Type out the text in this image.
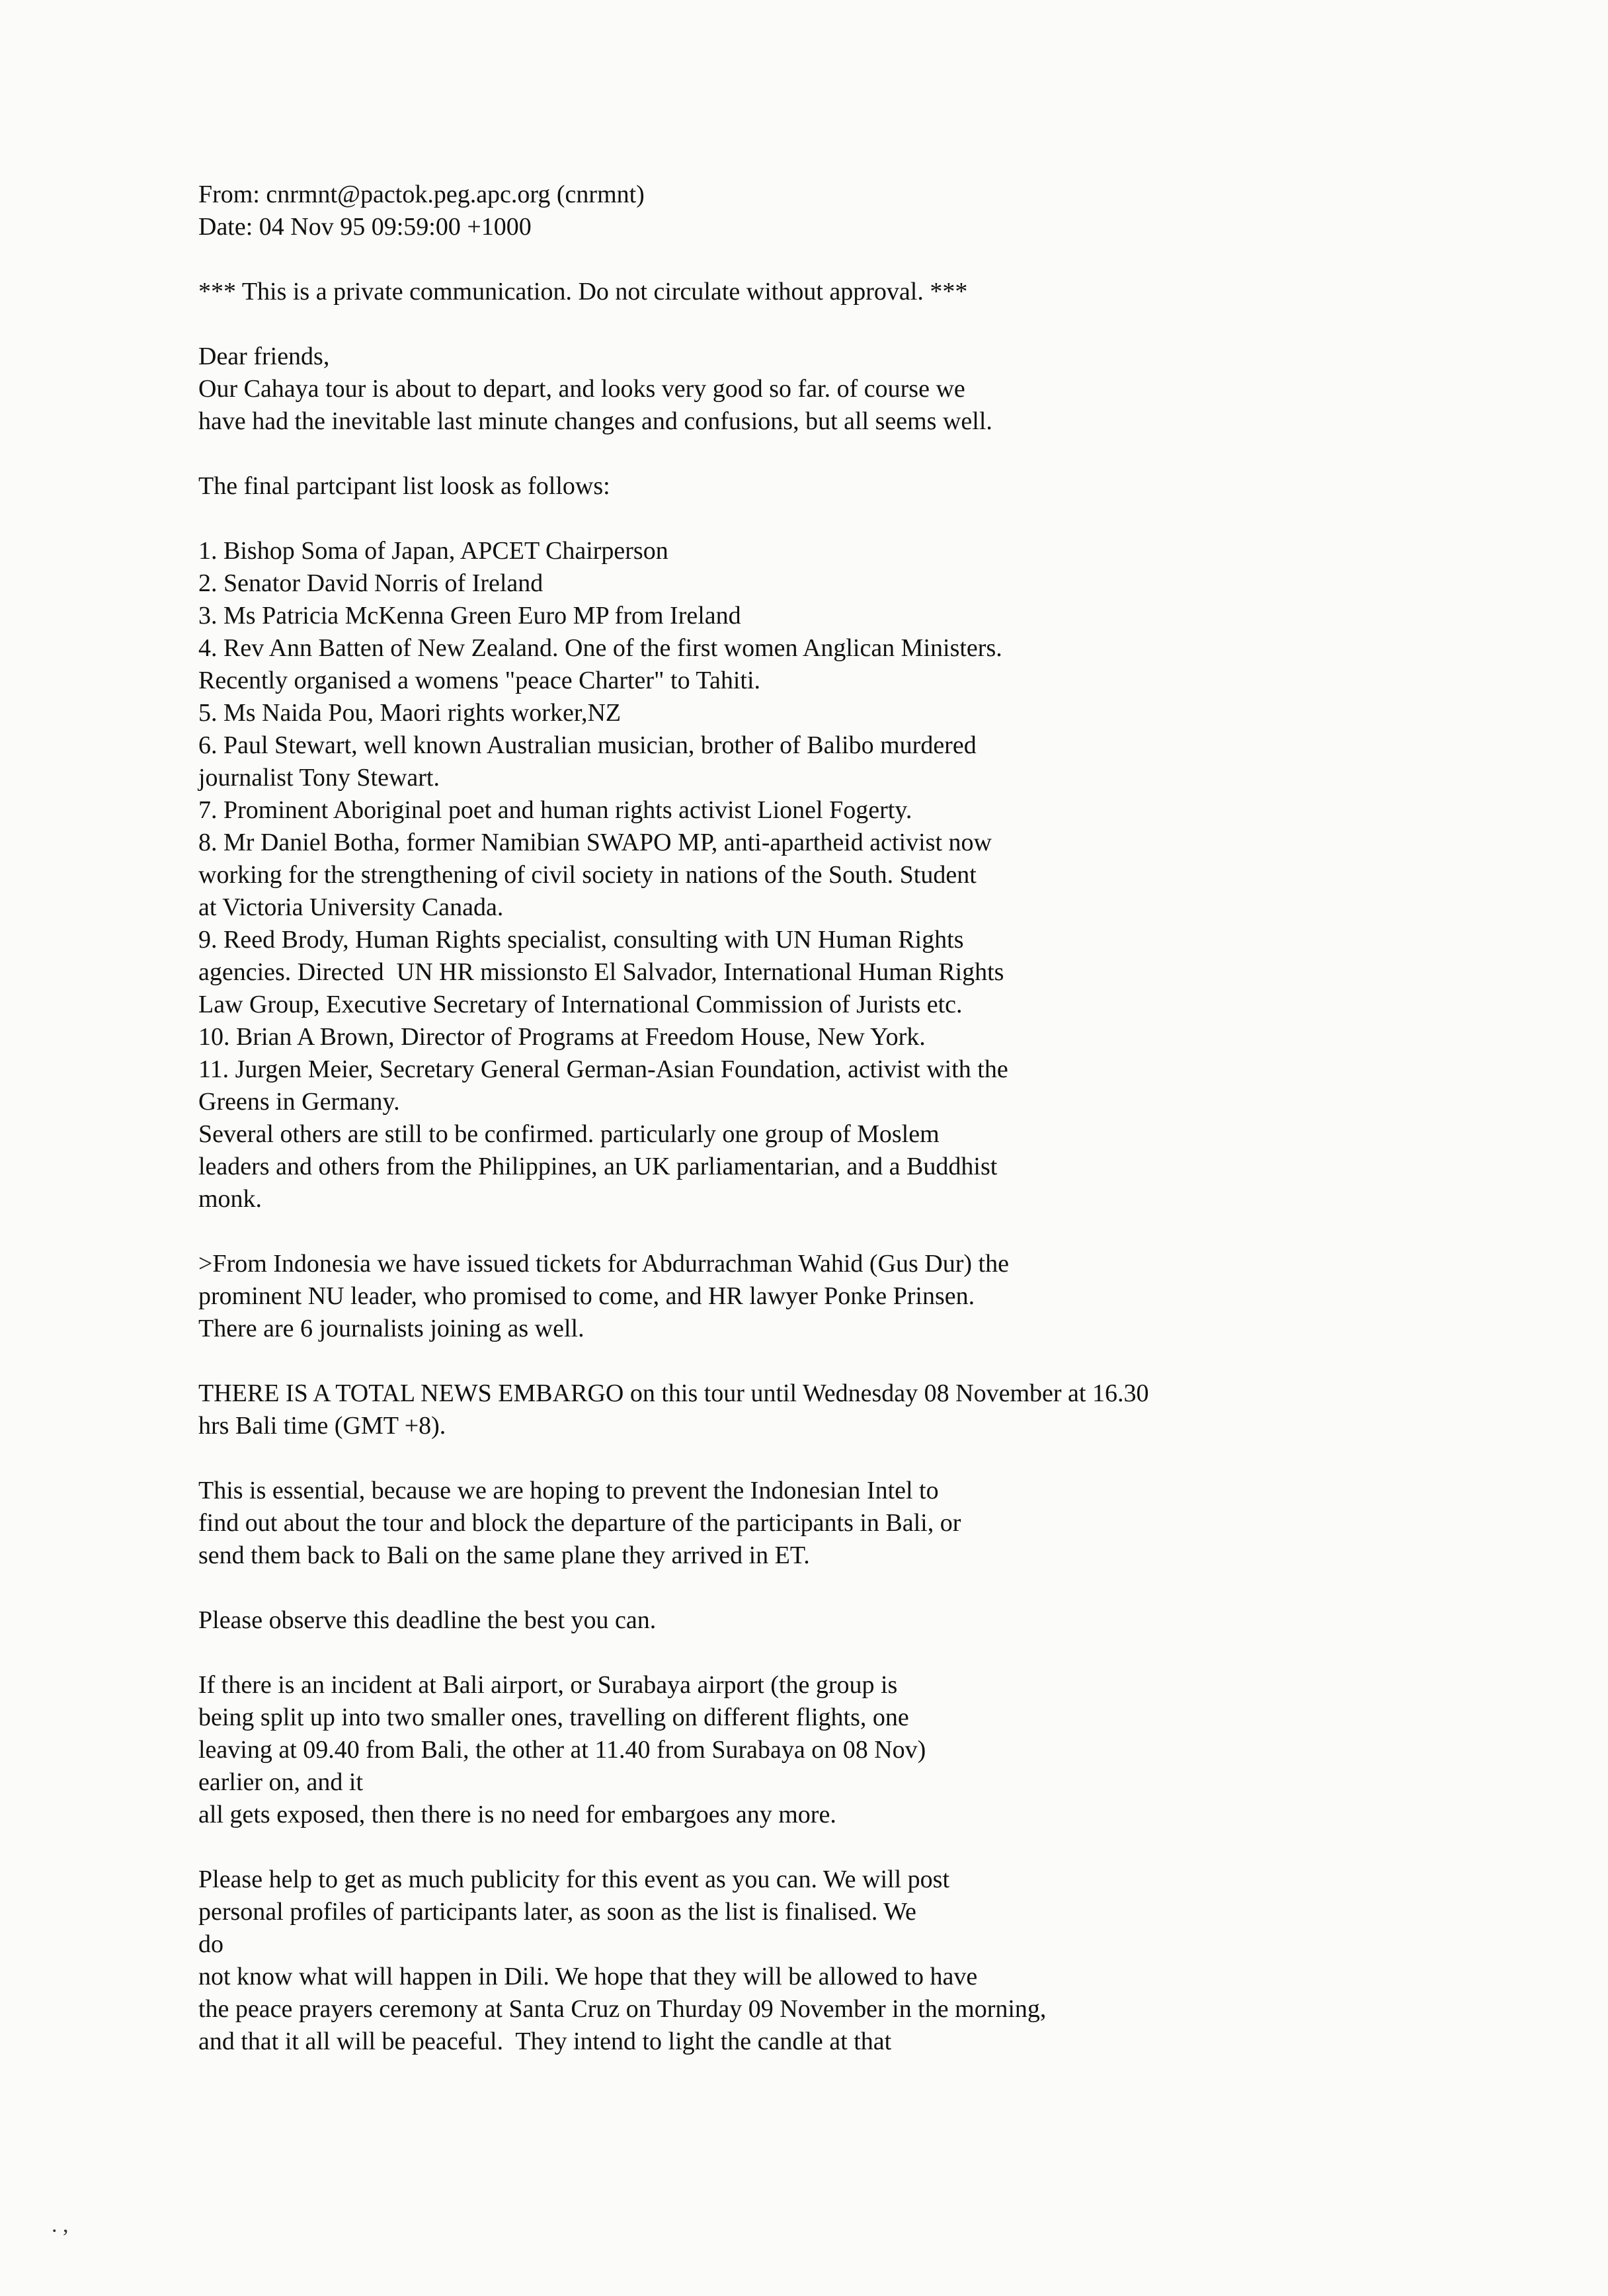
From: cnrmnt@pactok.peg.apc.org (cnrmnt)
Date: 04 Nov 95 09:59:00 +1000
*** This is a private communication. Do not circulate without approval. ***
Dear friends,
Our Cahaya tour is about to depart, and looks very good so far. of course we
have had the inevitable last minute changes and confusions, but all seems well.
The final partcipant list loosk as follows:
1. Bishop Soma of Japan, APCET Chairperson
2. Senator David Norris of Ireland
3. Ms Patricia McKenna Green Euro MP from Ireland
4. Rev Ann Batten of New Zealand. One of the first women Anglican Ministers.
Recently organised a womens "peace Charter" to Tahiti.
5. Ms Naida Pou, Maori rights worker,NZ
6. Paul Stewart, well known Australian musician, brother of Balibo murdered
journalist Tony Stewart.
7. Prominent Aboriginal poet and human rights activist Lionel Fogerty.
8. Mr Daniel Botha, former Namibian SWAPO MP, anti-apartheid activist now
working for the strengthening of civil society in nations of the South. Student
at Victoria University Canada.
9. Reed Brody, Human Rights specialist, consulting with UN Human Rights
agencies. Directed  UN HR missionsto El Salvador, International Human Rights
Law Group, Executive Secretary of International Commission of Jurists etc.
10. Brian A Brown, Director of Programs at Freedom House, New York.
11. Jurgen Meier, Secretary General German-Asian Foundation, activist with the
Greens in Germany.
Several others are still to be confirmed. particularly one group of Moslem
leaders and others from the Philippines, an UK parliamentarian, and a Buddhist
monk.
>From Indonesia we have issued tickets for Abdurrachman Wahid (Gus Dur) the
prominent NU leader, who promised to come, and HR lawyer Ponke Prinsen.
There are 6 journalists joining as well.
THERE IS A TOTAL NEWS EMBARGO on this tour until Wednesday 08 November at 16.30
hrs Bali time (GMT +8).
This is essential, because we are hoping to prevent the Indonesian Intel to
find out about the tour and block the departure of the participants in Bali, or
send them back to Bali on the same plane they arrived in ET.
Please observe this deadline the best you can.
If there is an incident at Bali airport, or Surabaya airport (the group is
being split up into two smaller ones, travelling on different flights, one
leaving at 09.40 from Bali, the other at 11.40 from Surabaya on 08 Nov)
earlier on, and it
all gets exposed, then there is no need for embargoes any more.
Please help to get as much publicity for this event as you can. We will post
personal profiles of participants later, as soon as the list is finalised. We
do
not know what will happen in Dili. We hope that they will be allowed to have
the peace prayers ceremony at Santa Cruz on Thurday 09 November in the morning,
and that it all will be peaceful.  They intend to light the candle at that
. ,
